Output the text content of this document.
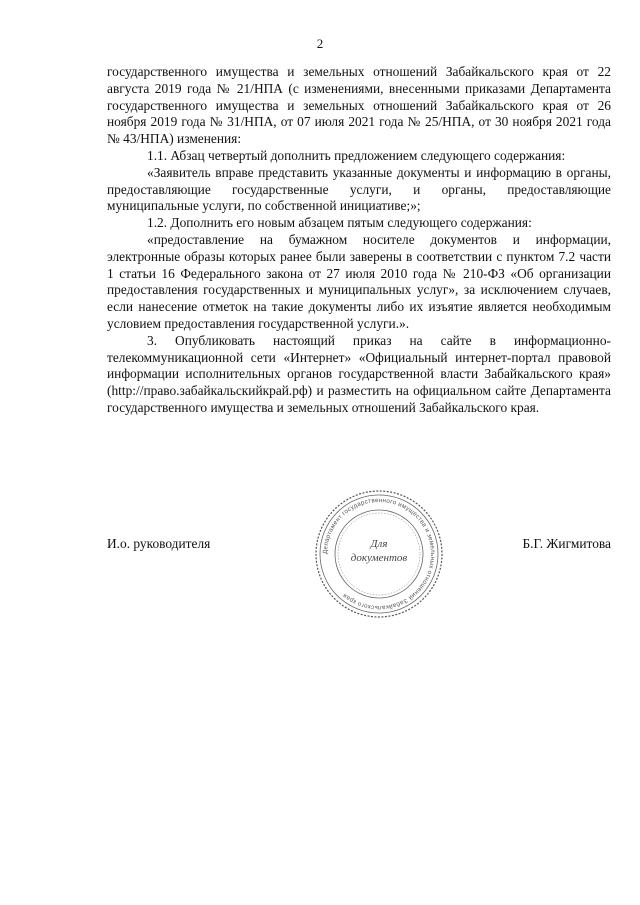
2

государственного имущества и земельных отношений Забайкальского края от 22 августа 2019 года № 21/НПА (с изменениями, внесенными приказами Департамента государственного имущества и земельных отношений Забайкальского края от 26 ноября 2019 года № 31/НПА, от 07 июля 2021 года № 25/НПА, от 30 ноября 2021 года № 43/НПА) изменения:

1.1. Абзац четвертый дополнить предложением следующего содержания:

«Заявитель вправе представить указанные документы и информацию в органы, предоставляющие государственные услуги, и органы, предоставляющие муниципальные услуги, по собственной инициативе;»;

1.2. Дополнить его новым абзацем пятым следующего содержания:

«предоставление на бумажном носителе документов и информации, электронные образы которых ранее были заверены в соответствии с пунктом 7.2 части 1 статьи 16 Федерального закона от 27 июля 2010 года № 210-ФЗ «Об организации предоставления государственных и муниципальных услуг», за исключением случаев, если нанесение отметок на такие документы либо их изъятие является необходимым условием предоставления государственной услуги.».

3. Опубликовать настоящий приказ на сайте в информационно-телекоммуникационной сети «Интернет» «Официальный интернет-портал правовой информации исполнительных органов государственной власти Забайкальского края» (http://право.забайкальскийкрай.рф) и разместить на официальном сайте Департамента государственного имущества и земельных отношений Забайкальского края.

И.о. руководителя	Б.Г. Жигмитова
Департамент государственного имущества и земельных отношений Забайкальского края
Для
документов
